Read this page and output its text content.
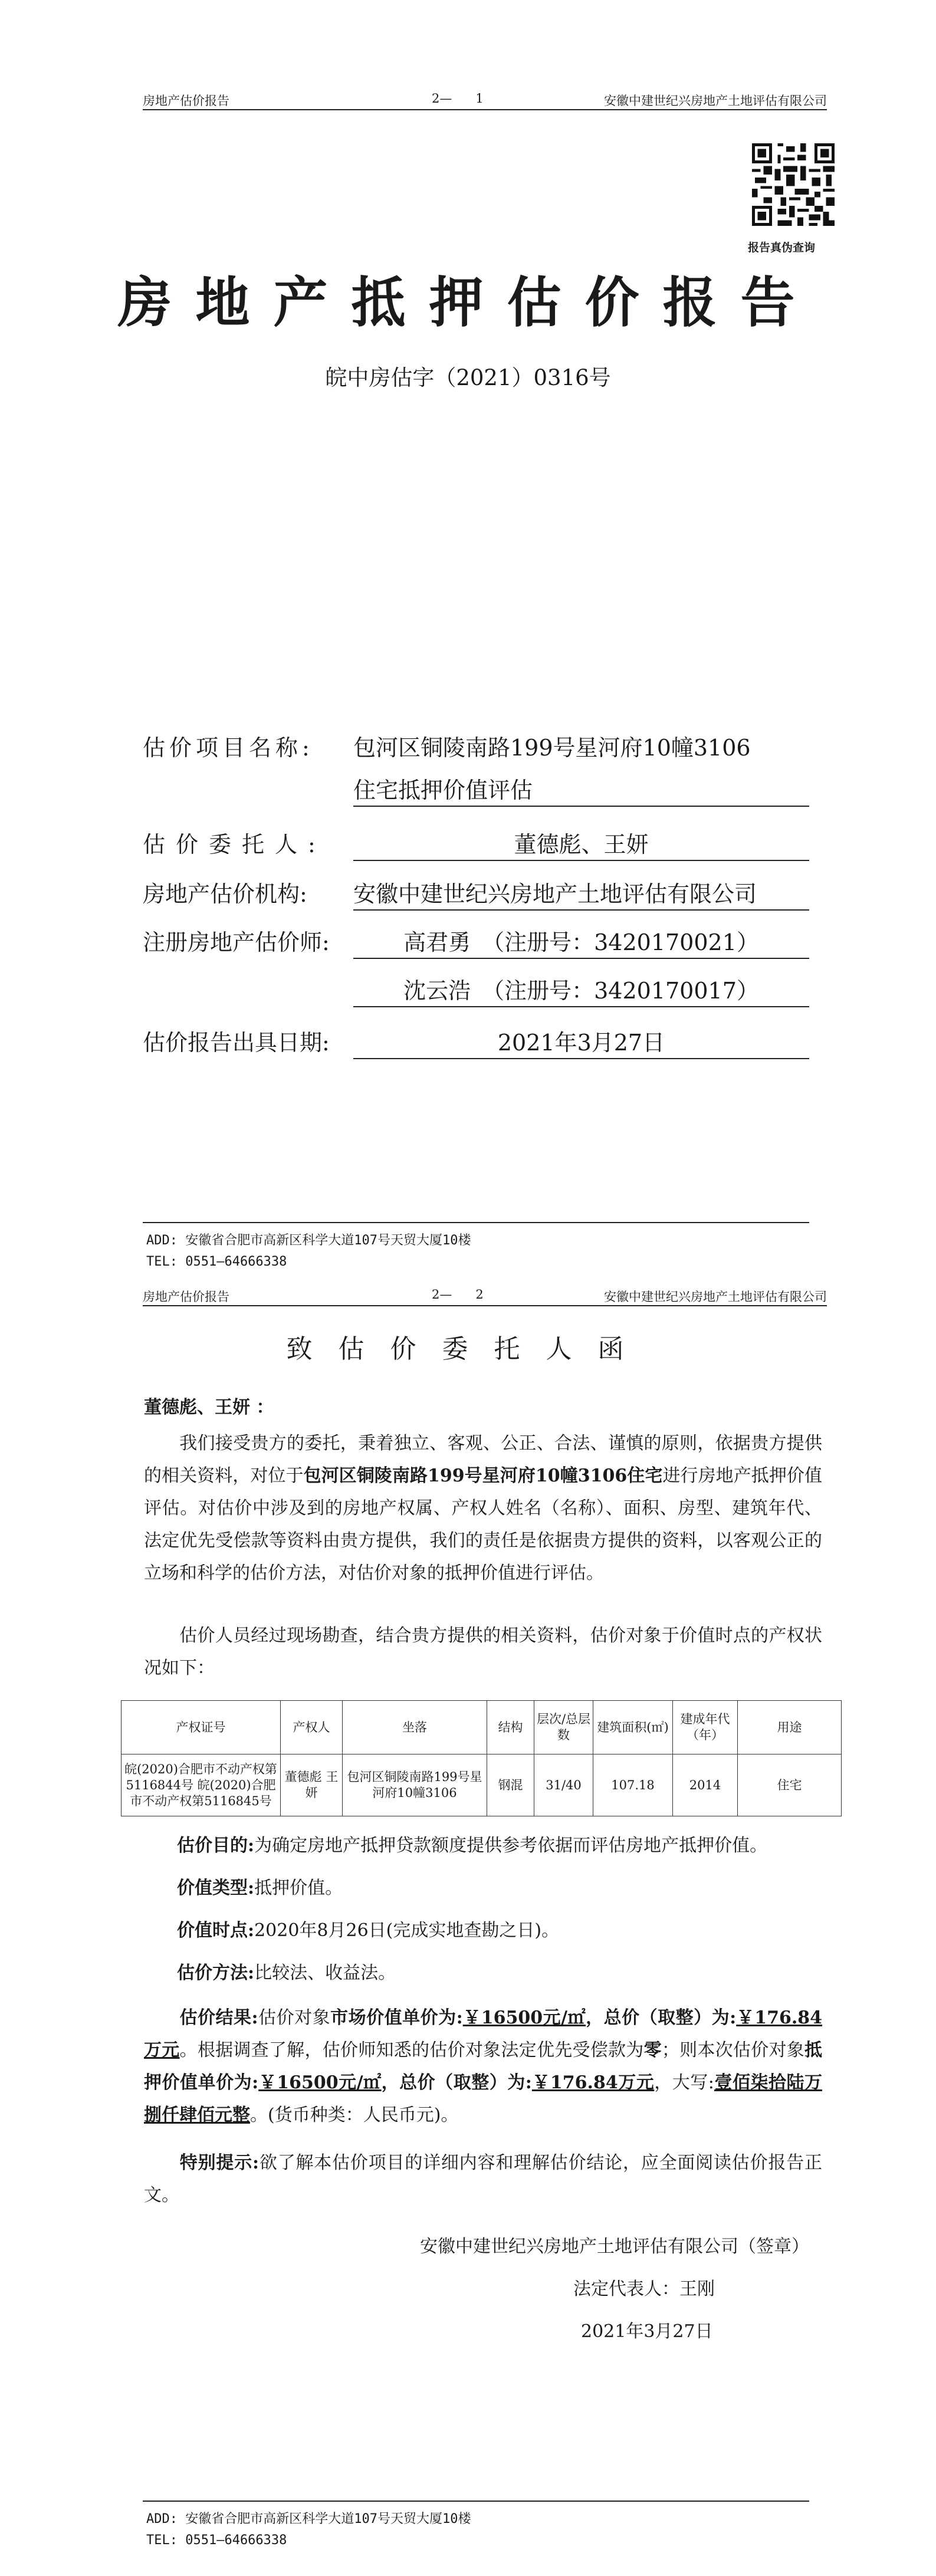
房地产估价报告	2—      1	安徽中建世纪兴房地产土地评估有限公司
报告真伪查询
房地产抵押估价报告
皖中房估字（2021）0316号
估价项目名称: 包河区铜陵南路199号星河府10幢3106
住宅抵押价值评估
估价委托人:	董德彪、王妍
房地产估价机构: 安徽中建世纪兴房地产土地评估有限公司
注册房地产估价师:	高君勇　（注册号：3420170021）
沈云浩　（注册号：3420170017）
估价报告出具日期:	2021年3月27日
ADD: 安徽省合肥市高新区科学大道107号天贸大厦10楼
TEL: 0551—64666338
房地产估价报告	2—      2	安徽中建世纪兴房地产土地评估有限公司
致估价委托人函
董德彪、王妍 ：
我们接受贵方的委托，秉着独立、客观、公正、合法、谨慎的原则，依据贵方提供的相关资料，对位于包河区铜陵南路199号星河府10幢3106住宅进行房地产抵押价值评估。对估价中涉及到的房地产权属、产权人姓名（名称）、面积、房型、建筑年代、法定优先受偿款等资料由贵方提供，我们的责任是依据贵方提供的资料，以客观公正的立场和科学的估价方法，对估价对象的抵押价值进行评估。
估价人员经过现场勘查，结合贵方提供的相关资料，估价对象于价值时点的产权状况如下：
产权证号	产权人	坐落	结构	层次/总层数	建筑面积(㎡)	建成年代（年）	用途
皖(2020)合肥市不动产权第5116844号 皖(2020)合肥市不动产权第5116845号	董德彪 王妍	包河区铜陵南路199号星河府10幢3106	钢混	31/40	107.18	2014	住宅
估价目的:为确定房地产抵押贷款额度提供参考依据而评估房地产抵押价值。
价值类型:抵押价值。
价值时点:2020年8月26日(完成实地查勘之日)。
估价方法:比较法、收益法。
估价结果:估价对象市场价值单价为:￥16500元/㎡，总价（取整）为:￥176.84万元。根据调查了解，估价师知悉的估价对象法定优先受偿款为零；则本次估价对象抵押价值单价为:￥16500元/㎡，总价（取整）为:￥176.84万元，大写:壹佰柒拾陆万捌仟肆佰元整。(货币种类：人民币元)。
特别提示:欲了解本估价项目的详细内容和理解估价结论，应全面阅读估价报告正文。
安徽中建世纪兴房地产土地评估有限公司（签章）
法定代表人：王刚
2021年3月27日
ADD: 安徽省合肥市高新区科学大道107号天贸大厦10楼
TEL: 0551—64666338
